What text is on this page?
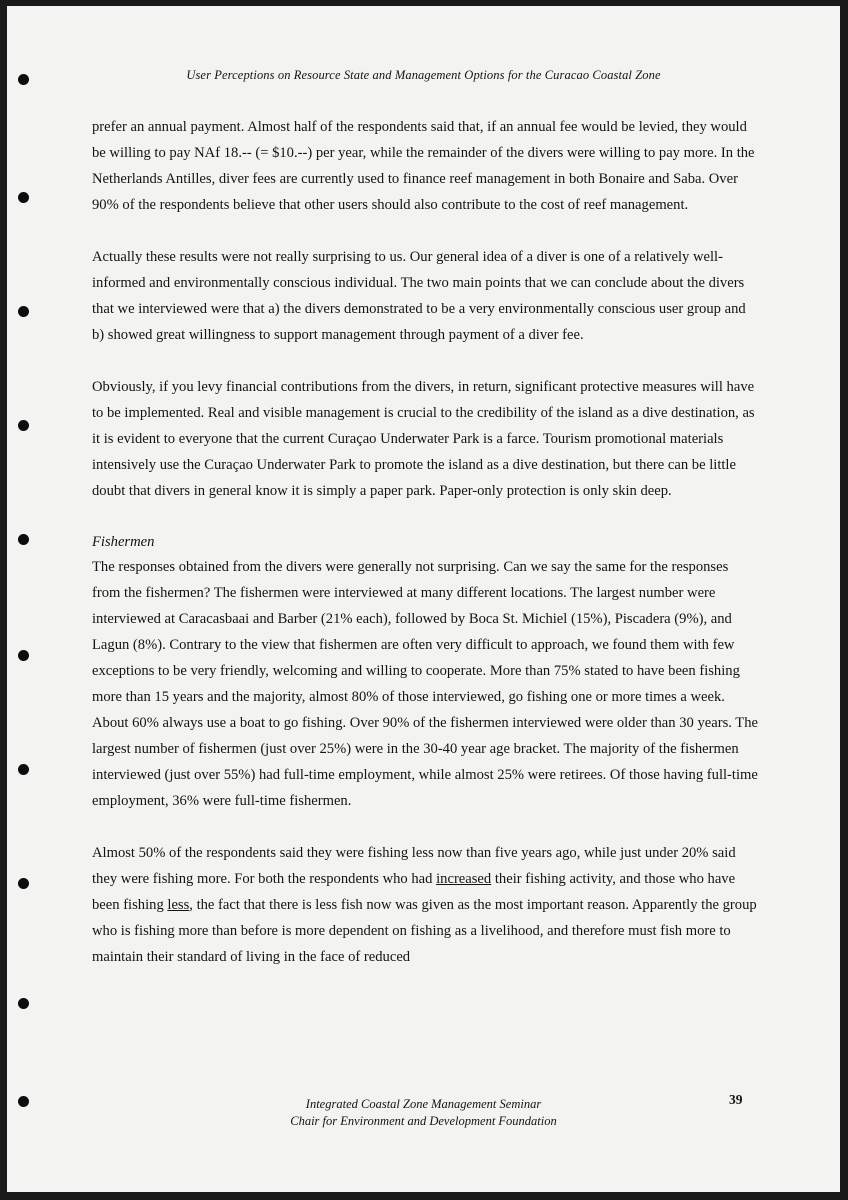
User Perceptions on Resource State and Management Options for the Curacao Coastal Zone

prefer an annual payment. Almost half of the respondents said that, if an annual fee would be levied, they would be willing to pay NAf 18.-- (= $10.--) per year, while the remainder of the divers were willing to pay more. In the Netherlands Antilles, diver fees are currently used to finance reef management in both Bonaire and Saba. Over 90% of the respondents believe that other users should also contribute to the cost of reef management.

Actually these results were not really surprising to us. Our general idea of a diver is one of a relatively well-informed and environmentally conscious individual. The two main points that we can conclude about the divers that we interviewed were that a) the divers demonstrated to be a very environmentally conscious user group and b) showed great willingness to support management through payment of a diver fee.

Obviously, if you levy financial contributions from the divers, in return, significant protective measures will have to be implemented. Real and visible management is crucial to the credibility of the island as a dive destination, as it is evident to everyone that the current Curaçao Underwater Park is a farce. Tourism promotional materials intensively use the Curaçao Underwater Park to promote the island as a dive destination, but there can be little doubt that divers in general know it is simply a paper park. Paper-only protection is only skin deep.

Fishermen

The responses obtained from the divers were generally not surprising. Can we say the same for the responses from the fishermen? The fishermen were interviewed at many different locations. The largest number were interviewed at Caracasbaai and Barber (21% each), followed by Boca St. Michiel (15%), Piscadera (9%), and Lagun (8%). Contrary to the view that fishermen are often very difficult to approach, we found them with few exceptions to be very friendly, welcoming and willing to cooperate. More than 75% stated to have been fishing more than 15 years and the majority, almost 80% of those interviewed, go fishing one or more times a week. About 60% always use a boat to go fishing. Over 90% of the fishermen interviewed were older than 30 years. The largest number of fishermen (just over 25%) were in the 30-40 year age bracket. The majority of the fishermen interviewed (just over 55%) had full-time employment, while almost 25% were retirees. Of those having full-time employment, 36% were full-time fishermen.

Almost 50% of the respondents said they were fishing less now than five years ago, while just under 20% said they were fishing more. For both the respondents who had increased their fishing activity, and those who have been fishing less, the fact that there is less fish now was given as the most important reason. Apparently the group who is fishing more than before is more dependent on fishing as a livelihood, and therefore must fish more to maintain their standard of living in the face of reduced

Integrated Coastal Zone Management Seminar
Chair for Environment and Development Foundation
39
